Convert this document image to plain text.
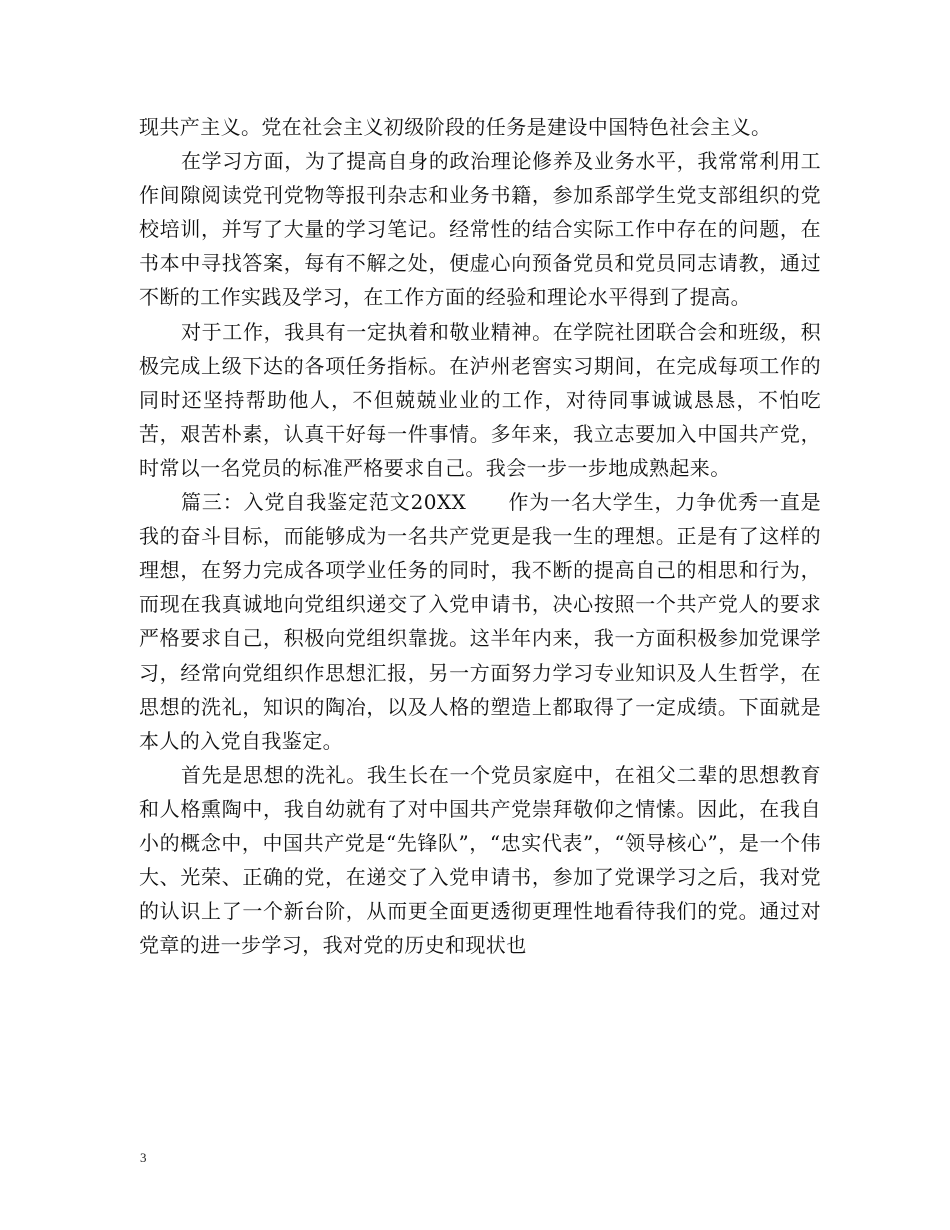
现共产主义。党在社会主义初级阶段的任务是建设中国特色社会主义。

在学习方面，为了提高自身的政治理论修养及业务水平，我常常利用工作间隙阅读党刊党物等报刊杂志和业务书籍，参加系部学生党支部组织的党校培训，并写了大量的学习笔记。经常性的结合实际工作中存在的问题，在书本中寻找答案，每有不解之处，便虚心向预备党员和党员同志请教，通过不断的工作实践及学习，在工作方面的经验和理论水平得到了提高。

对于工作，我具有一定执着和敬业精神。在学院社团联合会和班级，积极完成上级下达的各项任务指标。在泸州老窖实习期间，在完成每项工作的同时还坚持帮助他人，不但兢兢业业的工作，对待同事诚诚恳恳，不怕吃苦，艰苦朴素，认真干好每一件事情。多年来，我立志要加入中国共产党，时常以一名党员的标准严格要求自己。我会一步一步地成熟起来。

篇三：入党自我鉴定范文20XX　　作为一名大学生，力争优秀一直是我的奋斗目标，而能够成为一名共产党更是我一生的理想。正是有了这样的理想，在努力完成各项学业任务的同时，我不断的提高自己的相思和行为，而现在我真诚地向党组织递交了入党申请书，决心按照一个共产党人的要求严格要求自己，积极向党组织靠拢。这半年内来，我一方面积极参加党课学习，经常向党组织作思想汇报，另一方面努力学习专业知识及人生哲学，在思想的洗礼，知识的陶冶，以及人格的塑造上都取得了一定成绩。下面就是本人的入党自我鉴定。

首先是思想的洗礼。我生长在一个党员家庭中，在祖父二辈的思想教育和人格熏陶中，我自幼就有了对中国共产党崇拜敬仰之情愫。因此，在我自小的概念中，中国共产党是“先锋队”，“忠实代表”，“领导核心”，是一个伟大、光荣、正确的党，在递交了入党申请书，参加了党课学习之后，我对党的认识上了一个新台阶，从而更全面更透彻更理性地看待我们的党。通过对党章的进一步学习，我对党的历史和现状也

3
